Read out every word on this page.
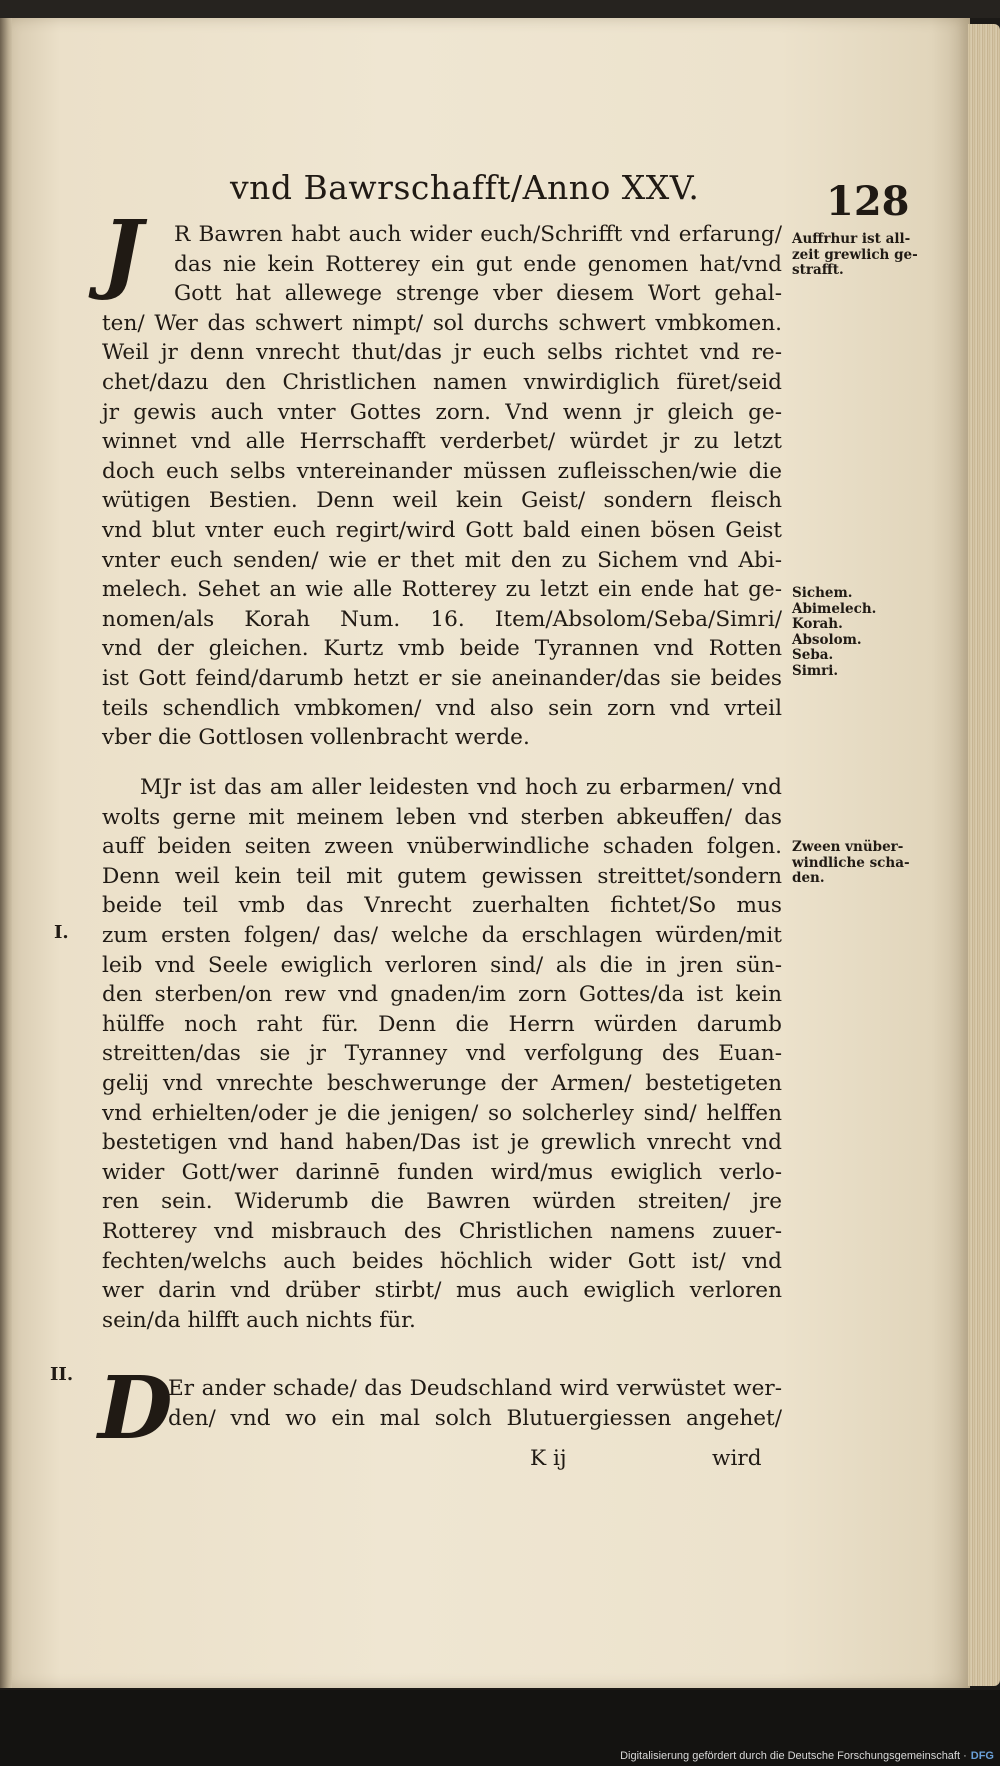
vnd Bawrschafft/Anno XXV.	128
J	R Bawren habt auch wider euch/Schrifft vnd erfarung/
das nie kein Rotterey ein gut ende genomen hat/vnd
Gott hat allewege strenge vber diesem Wort gehal-
ten/ Wer das schwert nimpt/ sol durchs schwert vmbkomen.
Weil jr denn vnrecht thut/das jr euch selbs richtet vnd re-
chet/dazu den Christlichen namen vnwirdiglich füret/seid
jr gewis auch vnter Gottes zorn. Vnd wenn jr gleich ge-
winnet vnd alle Herrschafft verderbet/ würdet jr zu letzt
doch euch selbs vntereinander müssen zufleisschen/wie die
wütigen Bestien. Denn weil kein Geist/ sondern fleisch
vnd blut vnter euch regirt/wird Gott bald einen bösen Geist
vnter euch senden/ wie er thet mit den zu Sichem vnd Abi-
melech. Sehet an wie alle Rotterey zu letzt ein ende hat ge-
nomen/als Korah Num. 16. Item/Absolom/Seba/Simri/
vnd der gleichen. Kurtz vmb beide Tyrannen vnd Rotten
ist Gott feind/darumb hetzt er sie aneinander/das sie beides
teils schendlich vmbkomen/ vnd also sein zorn vnd vrteil
vber die Gottlosen vollenbracht werde.
MJr ist das am aller leidesten vnd hoch zu erbarmen/ vnd
wolts gerne mit meinem leben vnd sterben abkeuffen/ das
auff beiden seiten zween vnüberwindliche schaden folgen.
Denn weil kein teil mit gutem gewissen streittet/sondern
beide teil vmb das Vnrecht zuerhalten fichtet/So mus
zum ersten folgen/ das/ welche da erschlagen würden/mit
leib vnd Seele ewiglich verloren sind/ als die in jren sün-
den sterben/on rew vnd gnaden/im zorn Gottes/da ist kein
hülffe noch raht für. Denn die Herrn würden darumb
streitten/das sie jr Tyranney vnd verfolgung des Euan-
gelij vnd vnrechte beschwerunge der Armen/ bestetigeten
vnd erhielten/oder je die jenigen/ so solcherley sind/ helffen
bestetigen vnd hand haben/Das ist je grewlich vnrecht vnd
wider Gott/wer darinnē funden wird/mus ewiglich verlo-
ren sein. Widerumb die Bawren würden streiten/ jre
Rotterey vnd misbrauch des Christlichen namens zuuer-
fechten/welchs auch beides höchlich wider Gott ist/ vnd
wer darin vnd drüber stirbt/ mus auch ewiglich verloren
sein/da hilfft auch nichts für.
D
Er ander schade/ das Deudschland wird verwüstet wer-
den/ vnd wo ein mal solch Blutuergiessen angehet/
Auffrhur ist all-
zeit grewlich ge-
strafft.
Sichem.
Abimelech.
Korah.
Absolom.
Seba.
Simri.
Zween vnüber-
windliche scha-
den.
I.
II.
K ij	wird
Digitalisierung gefördert durch die Deutsche Forschungsgemeinschaft · DFG
